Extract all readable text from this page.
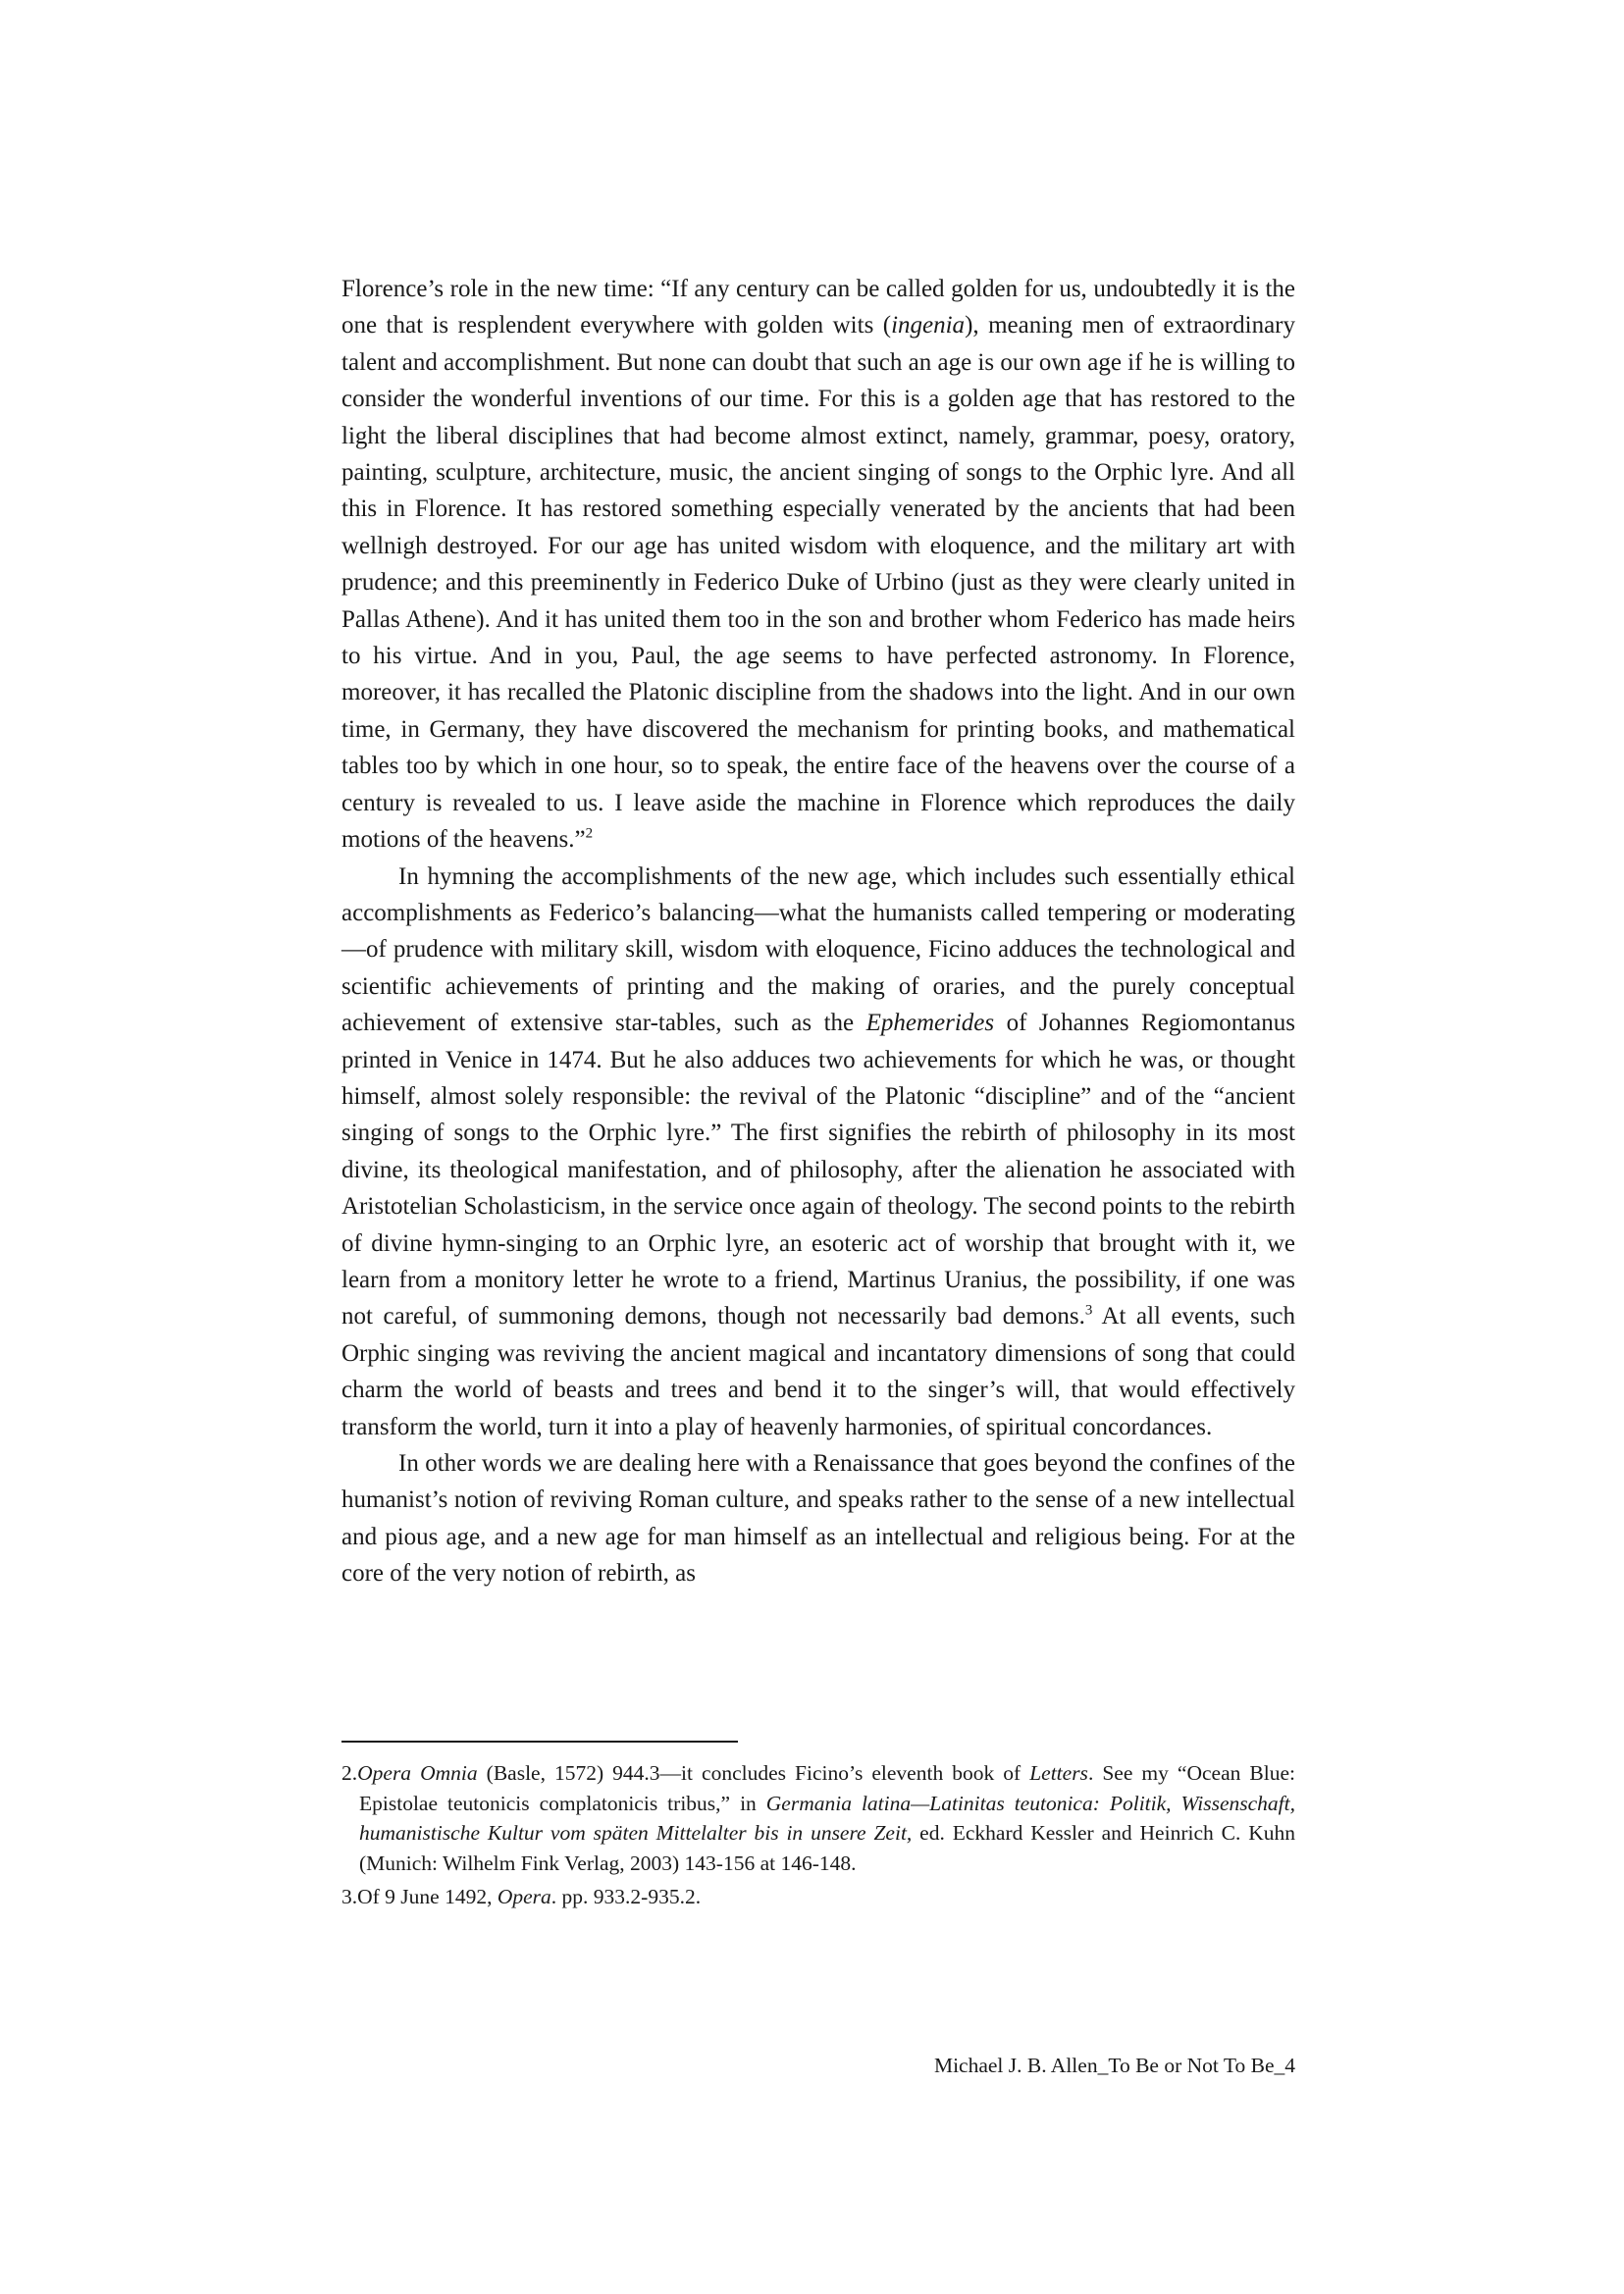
Florence’s role in the new time: “If any century can be called golden for us, undoubtedly it is the one that is resplendent everywhere with golden wits (ingenia), meaning men of extraordinary talent and accomplishment. But none can doubt that such an age is our own age if he is willing to consider the wonderful inventions of our time. For this is a golden age that has restored to the light the liberal disciplines that had become almost extinct, namely, grammar, poesy, oratory, painting, sculpture, architecture, music, the ancient singing of songs to the Orphic lyre. And all this in Florence. It has restored something especially venerated by the ancients that had been wellnigh destroyed. For our age has united wisdom with eloquence, and the military art with prudence; and this preeminently in Federico Duke of Urbino (just as they were clearly united in Pallas Athene). And it has united them too in the son and brother whom Federico has made heirs to his virtue. And in you, Paul, the age seems to have perfected astronomy. In Florence, moreover, it has recalled the Platonic discipline from the shadows into the light. And in our own time, in Germany, they have discovered the mechanism for printing books, and mathematical tables too by which in one hour, so to speak, the entire face of the heavens over the course of a century is revealed to us. I leave aside the machine in Florence which reproduces the daily motions of the heavens.”$^2$

In hymning the accomplishments of the new age, which includes such essentially ethical accomplishments as Federico’s balancing—what the humanists called tempering or moderating—of prudence with military skill, wisdom with eloquence, Ficino adduces the technological and scientific achievements of printing and the making of oraries, and the purely conceptual achievement of extensive star-tables, such as the Ephemerides of Johannes Regiomontanus printed in Venice in 1474. But he also adduces two achievements for which he was, or thought himself, almost solely responsible: the revival of the Platonic “discipline” and of the “ancient singing of songs to the Orphic lyre.” The first signifies the rebirth of philosophy in its most divine, its theological manifestation, and of philosophy, after the alienation he associated with Aristotelian Scholasticism, in the service once again of theology. The second points to the rebirth of divine hymn-singing to an Orphic lyre, an esoteric act of worship that brought with it, we learn from a monitory letter he wrote to a friend, Martinus Uranius, the possibility, if one was not careful, of summoning demons, though not necessarily bad demons.$^3$ At all events, such Orphic singing was reviving the ancient magical and incantatory dimensions of song that could charm the world of beasts and trees and bend it to the singer’s will, that would effectively transform the world, turn it into a play of heavenly harmonies, of spiritual concordances.

In other words we are dealing here with a Renaissance that goes beyond the confines of the humanist’s notion of reviving Roman culture, and speaks rather to the sense of a new intellectual and pious age, and a new age for man himself as an intellectual and religious being. For at the core of the very notion of rebirth, as

2.Opera Omnia (Basle, 1572) 944.3—it concludes Ficino’s eleventh book of Letters. See my “Ocean Blue: Epistolae teutonicis complatonicis tribus,” in Germania latina—Latinitas teutonica: Politik, Wissenschaft, humanistische Kultur vom späten Mittelalter bis in unsere Zeit, ed. Eckhard Kessler and Heinrich C. Kuhn (Munich: Wilhelm Fink Verlag, 2003) 143-156 at 146-148.

3.Of 9 June 1492, Opera. pp. 933.2-935.2.

Michael J. B. Allen_To Be or Not To Be_4
